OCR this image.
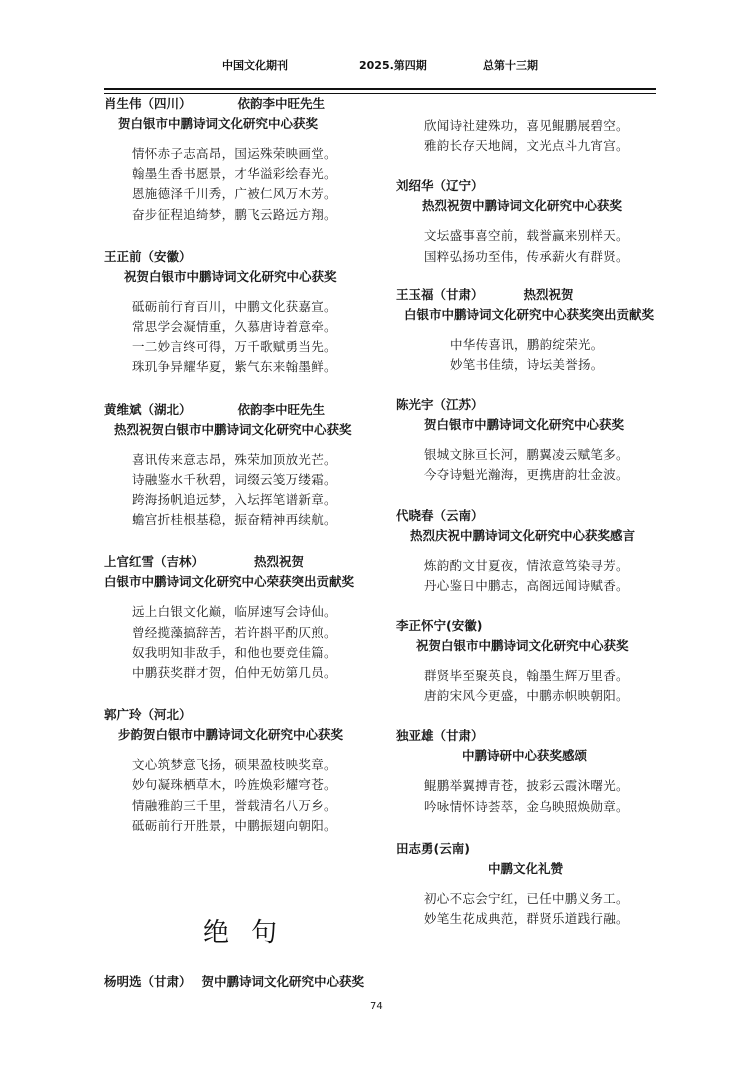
中国文化期刊	2025.第四期	总第十三期
肖生伟（四川）	依韵李中旺先生
贺白银市中鹏诗词文化研究中心获奖
情怀赤子志高昂，国运殊荣映画堂。
翰墨生香书愿景，才华溢彩绘春光。
恩施德泽千川秀，广被仁风万木芳。
奋步征程追绮梦，鹏飞云路远方翔。
王正前（安徽）
祝贺白银市中鹏诗词文化研究中心获奖
砥砺前行育百川，中鹏文化获嘉宣。
常思学会凝情重，久慕唐诗着意牵。
一二妙言终可得，万千歌赋勇当先。
珠玑争异耀华夏，紫气东来翰墨鲜。
黄维斌（湖北）	依韵李中旺先生
热烈祝贺白银市中鹏诗词文化研究中心获奖
喜讯传来意志昂，殊荣加顶放光芒。
诗融鉴水千秋碧，词缀云笺万缕霜。
跨海扬帆追远梦，入坛挥笔谱新章。
蟾宫折桂根基稳，振奋精神再续航。
上官红雪（吉林）	热烈祝贺
白银市中鹏诗词文化研究中心荣获突出贡献奖
远上白银文化巅，临屏速写会诗仙。
曾经揽藻搞辞苦，若许斟平酌仄煎。
奴我明知非敌手，和他也要竞佳篇。
中鹏获奖群才贺，伯仲无妨第几员。
郭广玲（河北）
步韵贺白银市中鹏诗词文化研究中心获奖
文心筑梦意飞扬，硕果盈枝映奖章。
妙句凝珠栖草木，吟旌焕彩耀穹苍。
情融雅韵三千里，誉载清名八万乡。
砥砺前行开胜景，中鹏振翅向朝阳。
绝句
杨明选（甘肃） 贺中鹏诗词文化研究中心获奖
欣闻诗社建殊功，喜见鲲鹏展碧空。
雅韵长存天地阔，文光点斗九宵宫。
刘绍华（辽宁）
热烈祝贺中鹏诗词文化研究中心获奖
文坛盛事喜空前，载誉赢来别样天。
国粹弘扬功至伟，传承薪火有群贤。
王玉福（甘肃）	热烈祝贺
白银市中鹏诗词文化研究中心获奖突出贡献奖
中华传喜讯，鹏韵绽荣光。
妙笔书佳绩，诗坛美誉扬。
陈光宇（江苏）
贺白银市中鹏诗词文化研究中心获奖
银城文脉亘长河，鹏翼凌云赋笔多。
今夺诗魁光瀚海，更携唐韵壮金波。
代晓春（云南）
热烈庆祝中鹏诗词文化研究中心获奖感言
炼韵酌文甘夏夜，情浓意笃染寻芳。
丹心鉴日中鹏志，高阁远闻诗赋香。
李正怀宁(安徽)
祝贺白银市中鹏诗词文化研究中心获奖
群贤毕至聚英良，翰墨生辉万里香。
唐韵宋风今更盛，中鹏赤帜映朝阳。
独亚雄（甘肃）
中鹏诗研中心获奖感颂
鲲鹏举翼搏青苍，披彩云霞沐曙光。
吟咏情怀诗荟萃，金乌映照焕勋章。
田志勇(云南)
中鹏文化礼赞
初心不忘会宁红，已任中鹏义务工。
妙笔生花成典范，群贤乐道践行融。
74
